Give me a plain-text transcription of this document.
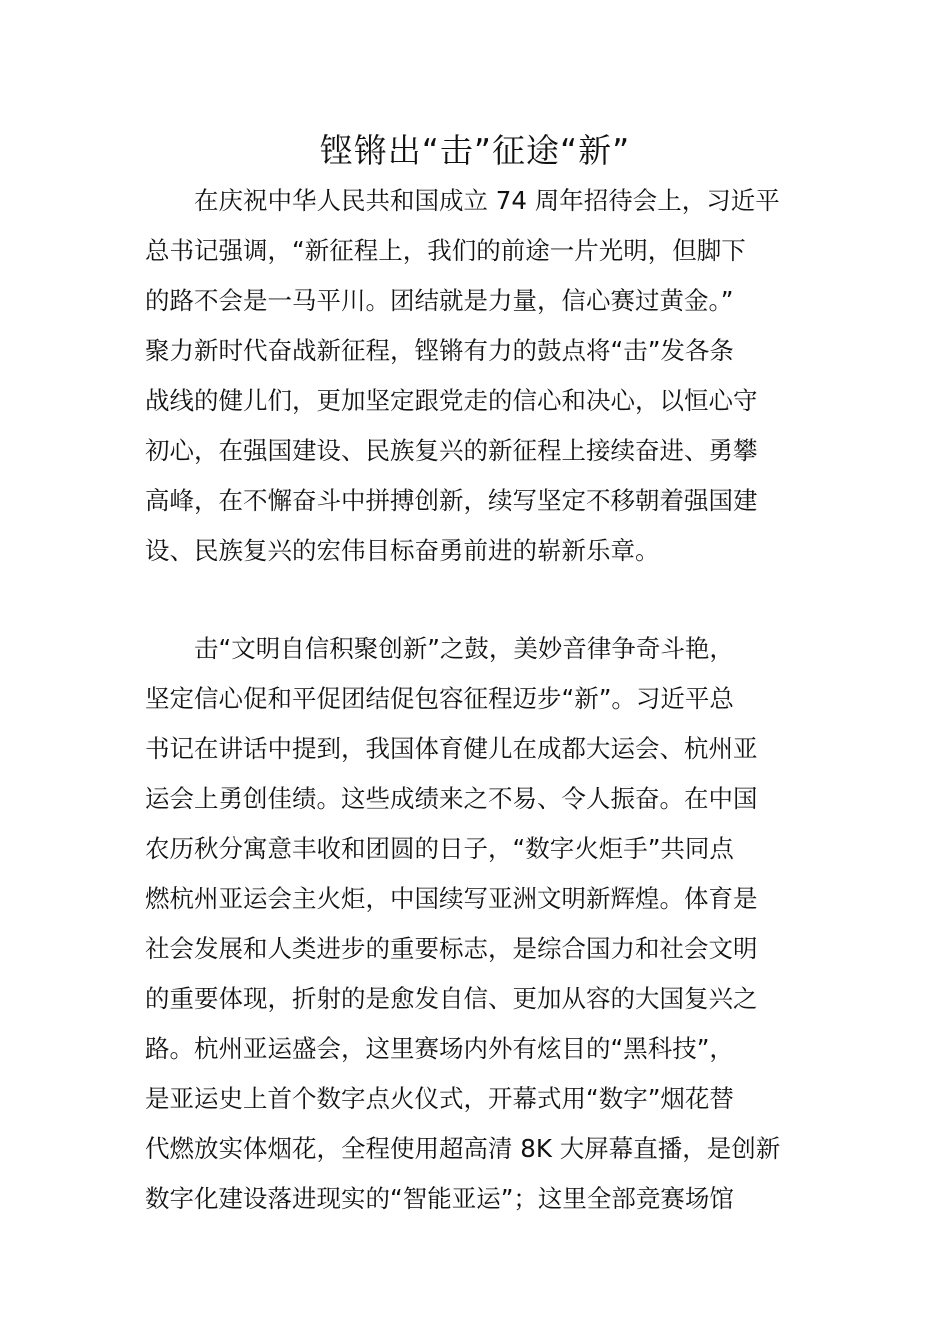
铿锵出“击”征途“新”
　　在庆祝中华人民共和国成立 74 周年招待会上，习近平
总书记强调，“新征程上，我们的前途一片光明，但脚下
的路不会是一马平川。团结就是力量，信心赛过黄金。”
聚力新时代奋战新征程，铿锵有力的鼓点将“击”发各条
战线的健儿们，更加坚定跟党走的信心和决心，以恒心守
初心，在强国建设、民族复兴的新征程上接续奋进、勇攀
高峰，在不懈奋斗中拼搏创新，续写坚定不移朝着强国建
设、民族复兴的宏伟目标奋勇前进的崭新乐章。
　　击“文明自信积聚创新”之鼓，美妙音律争奇斗艳，
坚定信心促和平促团结促包容征程迈步“新”。习近平总
书记在讲话中提到，我国体育健儿在成都大运会、杭州亚
运会上勇创佳绩。这些成绩来之不易、令人振奋。在中国
农历秋分寓意丰收和团圆的日子，“数字火炬手”共同点
燃杭州亚运会主火炬，中国续写亚洲文明新辉煌。体育是
社会发展和人类进步的重要标志，是综合国力和社会文明
的重要体现，折射的是愈发自信、更加从容的大国复兴之
路。杭州亚运盛会，这里赛场内外有炫目的“黑科技”，
是亚运史上首个数字点火仪式，开幕式用“数字”烟花替
代燃放实体烟花，全程使用超高清 8K 大屏幕直播，是创新
数字化建设落进现实的“智能亚运”；这里全部竞赛场馆
